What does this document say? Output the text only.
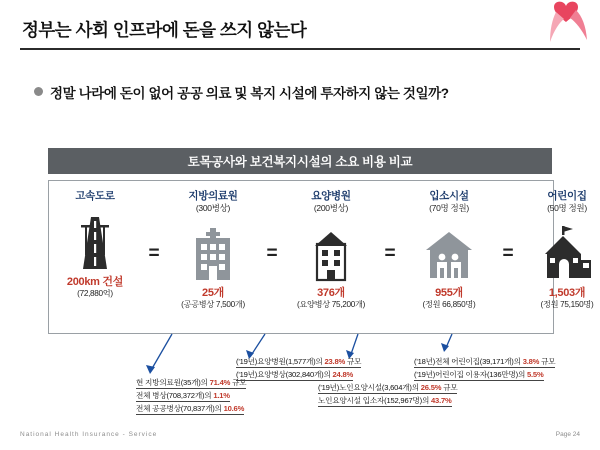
정부는 사회 인프라에 돈을 쓰지 않는다
정말 나라에 돈이 없어 공공 의료 및 복지 시설에 투자하지 않는 것일까?
토목공사와 보건복지시설의 소요 비용 비교
고속도로
200km 건설
(72,880억)
=
지방의료원
(300병상)
25개
(공공병상 7,500개)
=
요양병원
(200병상)
376개
(요양병상 75,200개)
=
입소시설
(70명 정원)
955개
(정원 66,850명)
=
어린이집
(50명 정원)
1,503개
(정원 75,150명)
현 지방의료원(35개)의 71.4% 규모
전체 병상(708,372개)의 1.1%
전체 공공병상(70,837개)의 10.6%
('19년)요양병원(1,577개)의 23.8% 규모
('19년)요양병상(302,840개)의 24.8%
('19년)노인요양시설(3,604개)의 26.5% 규모
노인요양시설 입소자(152,967명)의 43.7%
('18년)전체 어린이집(39,171개)의 3.8% 규모
('19년)어린이집 이용자(136만명)의 5.5%
National Health Insurance - Service	Page 24
